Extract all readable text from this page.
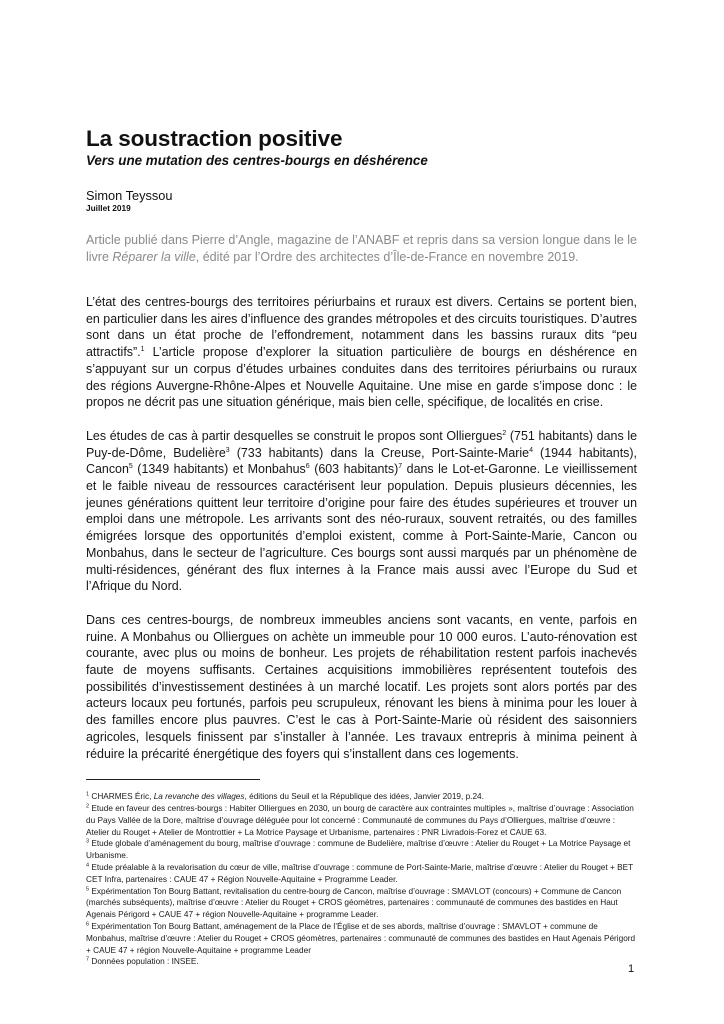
La soustraction positive
Vers une mutation des centres-bourgs en déshérence
Simon Teyssou
Juillet 2019
Article publié dans Pierre d’Angle, magazine de l’ANABF et repris dans sa version longue dans le le livre Réparer la ville, édité par l’Ordre des architectes d’Île-de-France en novembre 2019.

L’état des centres-bourgs des territoires périurbains et ruraux est divers. Certains se portent bien, en particulier dans les aires d’influence des grandes métropoles et des circuits touristiques. D’autres sont dans un état proche de l’effondrement, notamment dans les bassins ruraux dits “peu attractifs”.$^1$ L’article propose d’explorer la situation particulière de bourgs en déshérence en s’appuyant sur un corpus d’études urbaines conduites dans des territoires périurbains ou ruraux des régions Auvergne-Rhône-Alpes et Nouvelle Aquitaine. Une mise en garde s’impose donc : le propos ne décrit pas une situation générique, mais bien celle, spécifique, de localités en crise.

Les études de cas à partir desquelles se construit le propos sont Olliergues$^2$ (751 habitants) dans le Puy-de-Dôme, Budelière$^3$ (733 habitants) dans la Creuse, Port-Sainte-Marie$^4$ (1944 habitants), Cancon$^5$ (1349 habitants) et Monbahus$^6$ (603 habitants)$^7$ dans le Lot-et-Garonne. Le vieillissement et le faible niveau de ressources caractérisent leur population. Depuis plusieurs décennies, les jeunes générations quittent leur territoire d’origine pour faire des études supérieures et trouver un emploi dans une métropole. Les arrivants sont des néo-ruraux, souvent retraités, ou des familles émigrées lorsque des opportunités d’emploi existent, comme à Port-Sainte-Marie, Cancon ou Monbahus, dans le secteur de l’agriculture. Ces bourgs sont aussi marqués par un phénomène de multi-résidences, générant des flux internes à la France mais aussi avec l’Europe du Sud et l’Afrique du Nord.

Dans ces centres-bourgs, de nombreux immeubles anciens sont vacants, en vente, parfois en ruine. A Monbahus ou Olliergues on achète un immeuble pour 10 000 euros. L’auto-rénovation est courante, avec plus ou moins de bonheur. Les projets de réhabilitation restent parfois inachevés faute de moyens suffisants. Certaines acquisitions immobilières représentent toutefois des possibilités d’investissement destinées à un marché locatif. Les projets sont alors portés par des acteurs locaux peu fortunés, parfois peu scrupuleux, rénovant les biens à minima pour les louer à des familles encore plus pauvres. C’est le cas à Port-Sainte-Marie où résident des saisonniers agricoles, lesquels finissent par s’installer à l’année. Les travaux entrepris à minima peinent à réduire la précarité énergétique des foyers qui s’installent dans ces logements.

$^1$ CHARMES Éric, La revanche des villages, éditions du Seuil et la République des idées, Janvier 2019, p.24.

$^2$ Etude en faveur des centres-bourgs : Habiter Olliergues en 2030, un bourg de caractère aux contraintes multiples », maîtrise d’ouvrage : Association du Pays Vallée de la Dore, maîtrise d’ouvrage déléguée pour lot concerné : Communauté de communes du Pays d’Olliergues, maîtrise d’œuvre : Atelier du Rouget + Atelier de Montrottier + La Motrice Paysage et Urbanisme, partenaires : PNR Livradois-Forez et CAUE 63.

$^3$ Etude globale d’aménagement du bourg, maîtrise d’ouvrage : commune de Budelière, maîtrise d’œuvre : Atelier du Rouget + La Motrice Paysage et Urbanisme.

$^4$ Etude préalable à la revalorisation du cœur de ville, maîtrise d’ouvrage : commune de Port-Sainte-Marie, maîtrise d’œuvre : Atelier du Rouget + BET CET Infra, partenaires : CAUE 47 + Région Nouvelle-Aquitaine + Programme Leader.

$^5$ Expérimentation Ton Bourg Battant, revitalisation du centre-bourg de Cancon, maîtrise d’ouvrage : SMAVLOT (concours) + Commune de Cancon (marchés subséquents), maîtrise d’œuvre : Atelier du Rouget + CROS géomètres, partenaires : communauté de communes des bastides en Haut Agenais Périgord + CAUE 47 + région Nouvelle-Aquitaine + programme Leader.

$^6$ Expérimentation Ton Bourg Battant, aménagement de la Place de l’Église et de ses abords, maîtrise d’ouvrage : SMAVLOT + commune de Monbahus, maîtrise d’œuvre : Atelier du Rouget + CROS géomètres, partenaires : communauté de communes des bastides en Haut Agenais Périgord + CAUE 47 + région Nouvelle-Aquitaine + programme Leader

$^7$ Données population : INSEE.

1
